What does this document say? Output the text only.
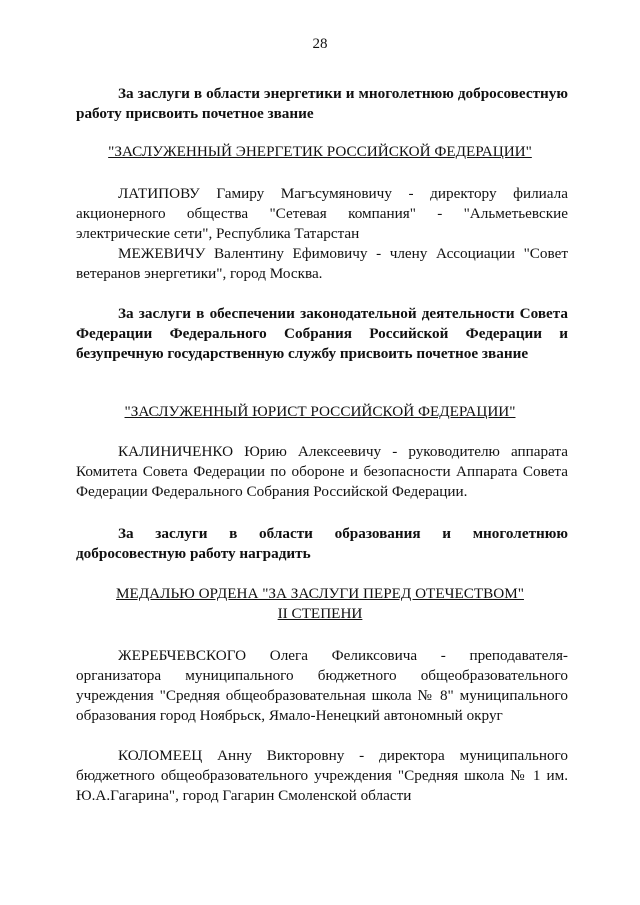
28

За заслуги в области энергетики и многолетнюю добросовестную работу присвоить почетное звание

"ЗАСЛУЖЕННЫЙ ЭНЕРГЕТИК РОССИЙСКОЙ ФЕДЕРАЦИИ"

ЛАТИПОВУ Гамиру Магъсумяновичу - директору филиала акционерного общества "Сетевая компания" - "Альметьевские электрические сети", Республика Татарстан

МЕЖЕВИЧУ Валентину Ефимовичу - члену Ассоциации "Совет ветеранов энергетики", город Москва.

За заслуги в обеспечении законодательной деятельности Совета Федерации Федерального Собрания Российской Федерации и безупречную государственную службу присвоить почетное звание

"ЗАСЛУЖЕННЫЙ ЮРИСТ РОССИЙСКОЙ ФЕДЕРАЦИИ"

КАЛИНИЧЕНКО Юрию Алексеевичу - руководителю аппарата Комитета Совета Федерации по обороне и безопасности Аппарата Совета Федерации Федерального Собрания Российской Федерации.

За заслуги в области образования и многолетнюю добросовестную работу наградить

МЕДАЛЬЮ ОРДЕНА "ЗА ЗАСЛУГИ ПЕРЕД ОТЕЧЕСТВОМ"
II СТЕПЕНИ

ЖЕРЕБЧЕВСКОГО Олега Феликсовича - преподавателя-организатора муниципального бюджетного общеобразовательного учреждения "Средняя общеобразовательная школа № 8" муниципального образования город Ноябрьск, Ямало-Ненецкий автономный округ

КОЛОМЕЕЦ Анну Викторовну - директора муниципального бюджетного общеобразовательного учреждения "Средняя школа № 1 им. Ю.А.Гагарина", город Гагарин Смоленской области
